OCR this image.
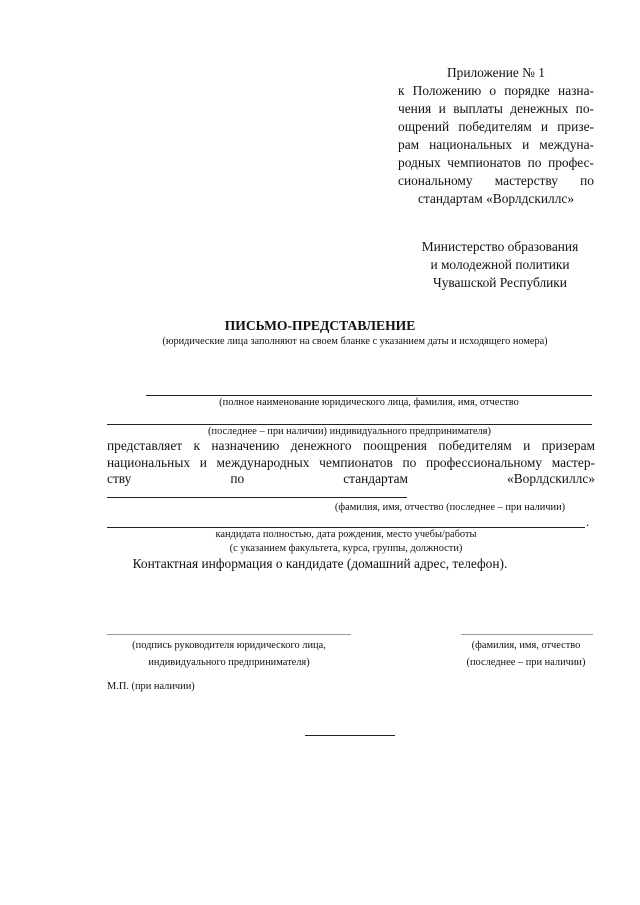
Приложение № 1
к Положению о порядке назна-
чения и выплаты денежных по-
ощрений победителям и призе-
рам национальных и междуна-
родных чемпионатов по профес-
сиональному мастерству по
стандартам «Ворлдскиллс»
Министерство образования
и молодежной политики
Чувашской Республики
ПИСЬМО-ПРЕДСТАВЛЕНИЕ
(юридические лица заполняют на своем бланке с указанием даты и исходящего номера)
(полное наименование юридического лица, фамилия, имя, отчество
(последнее – при наличии) индивидуального предпринимателя)
представляет к назначению денежного поощрения победителям и призерам
национальных и международных чемпионатов по профессиональному мастер-
ству	по	стандартам	«Ворлдскиллс»
(фамилия, имя, отчество (последнее – при наличии)
.
кандидата полностью, дата рождения, место учебы/работы
(с указанием факультета, курса, группы, должности)
Контактная информация о кандидате (домашний адрес, телефон).
(подпись руководителя юридического лица,
индивидуального предпринимателя)
(фамилия, имя, отчество
(последнее – при наличии)
М.П. (при наличии)
